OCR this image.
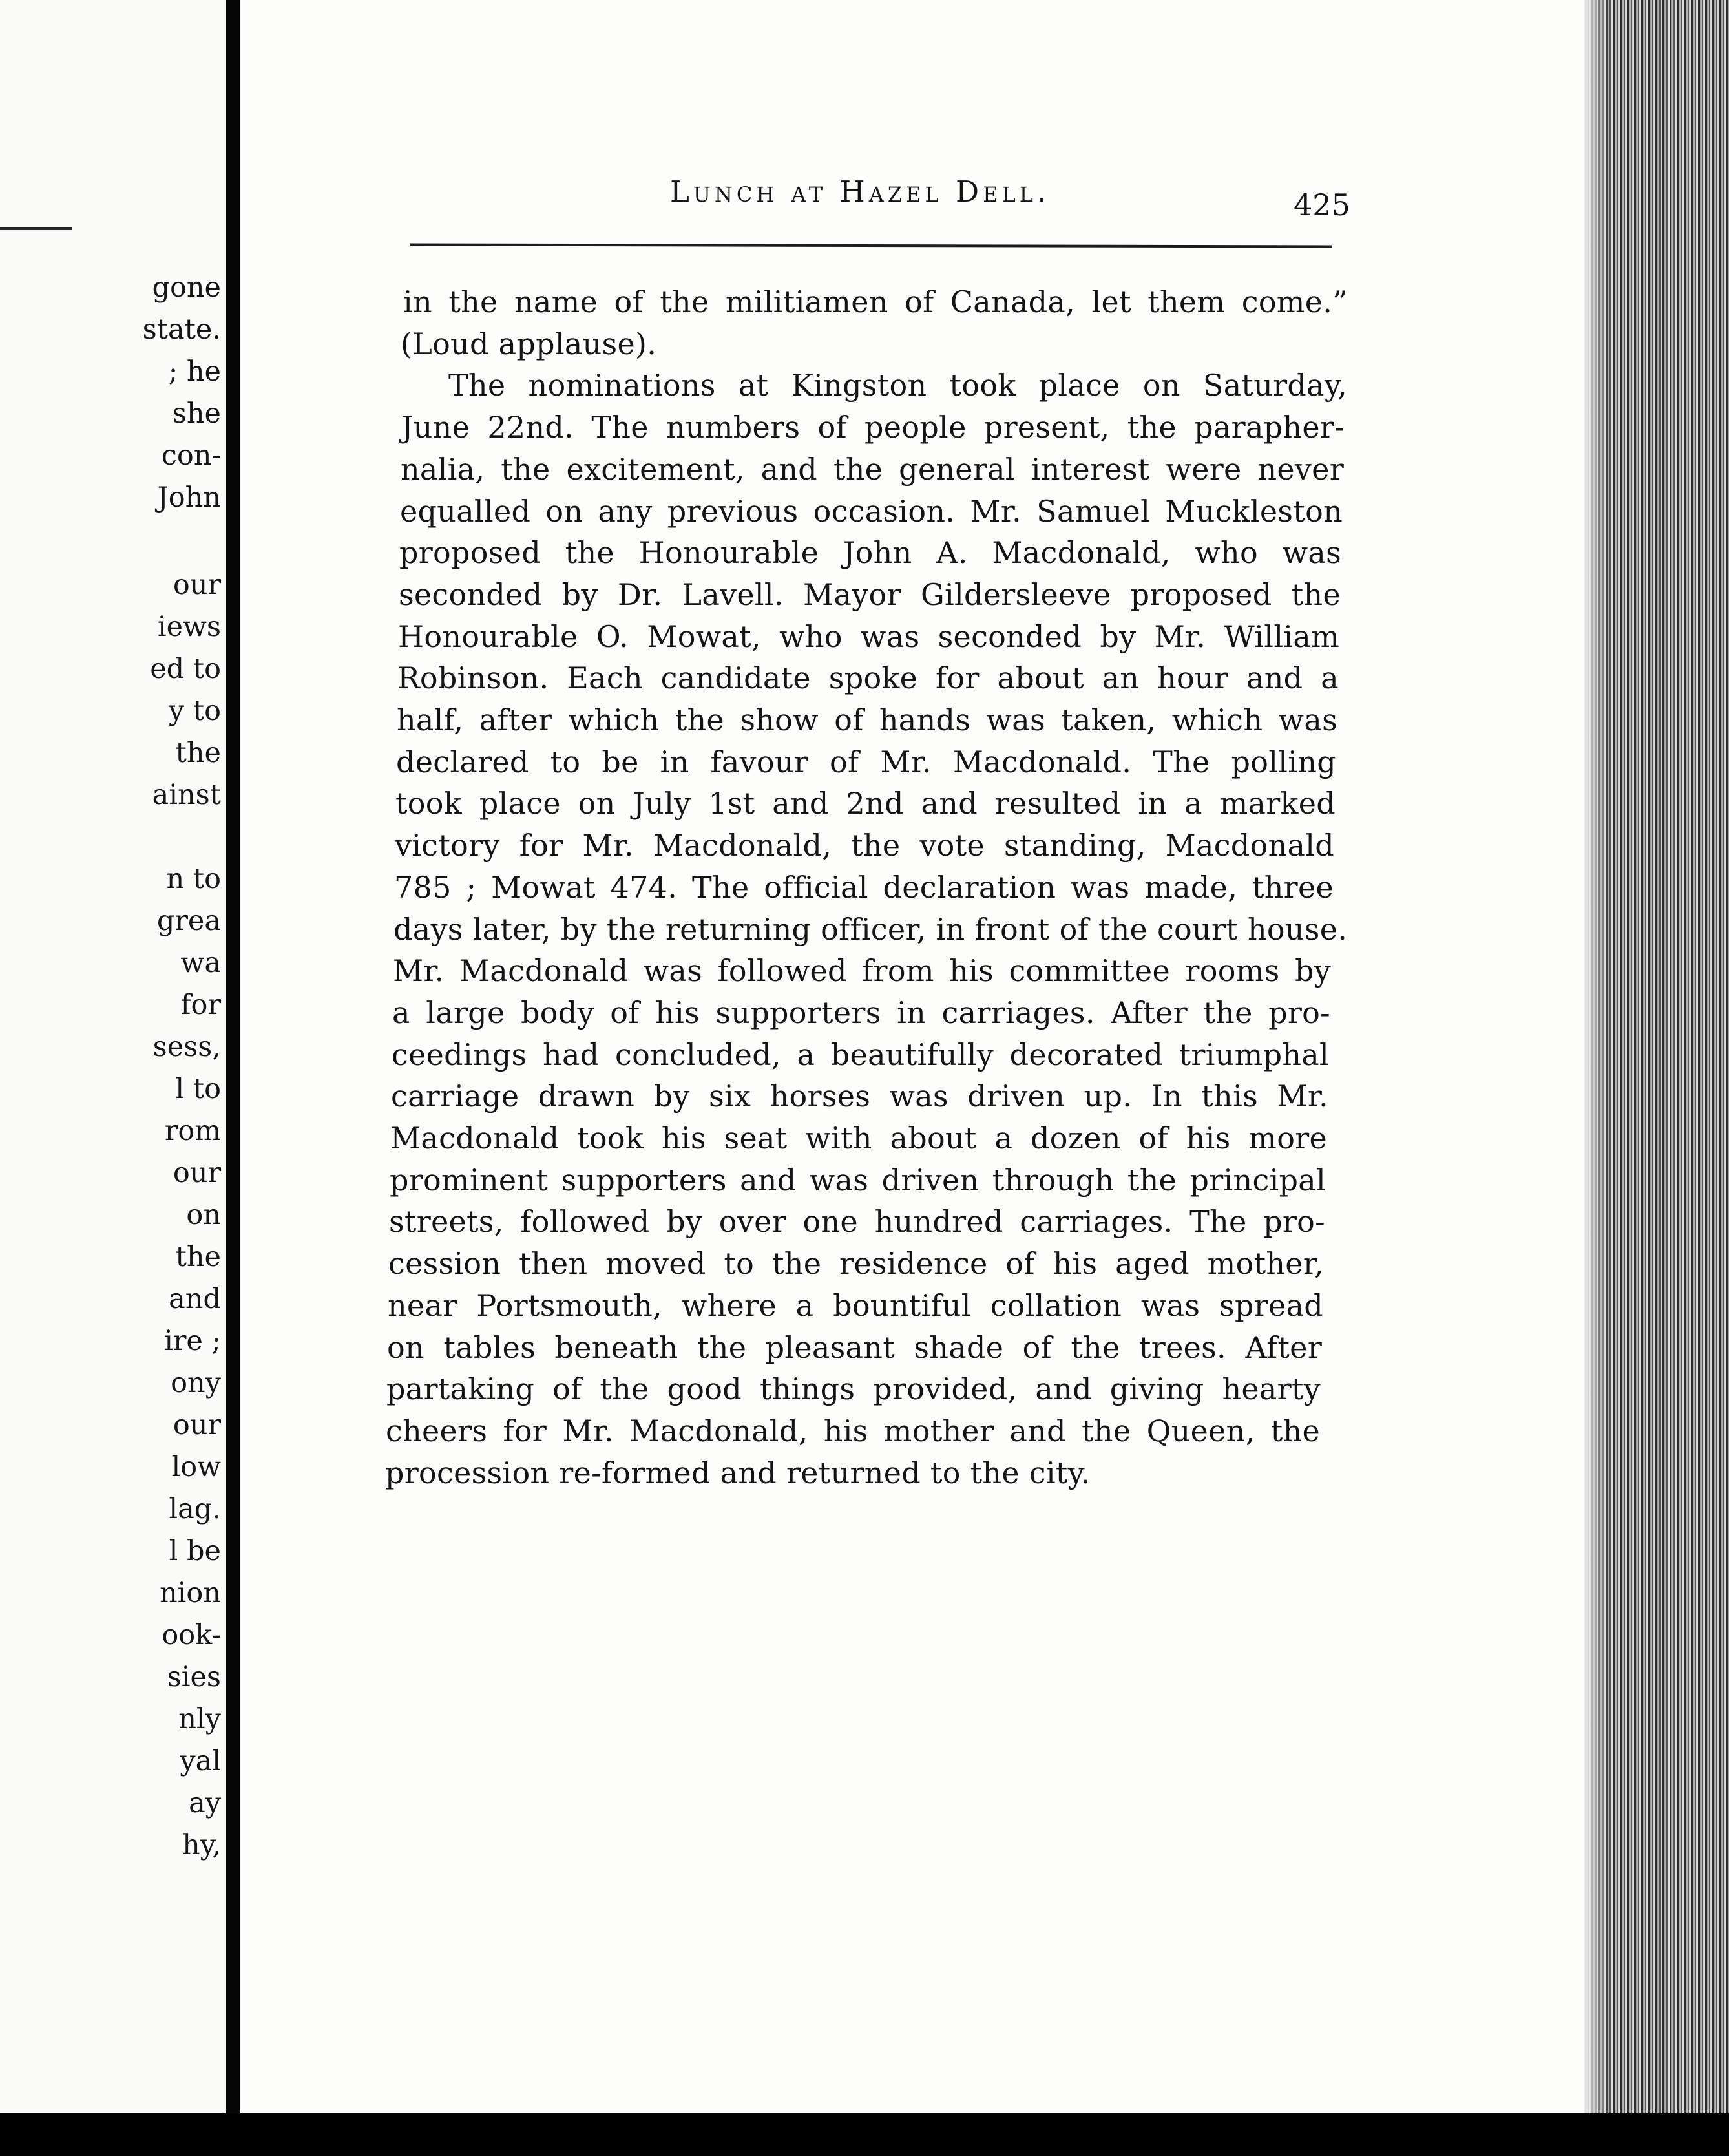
gone
state.
; he
she
con-
John
our
iews
ed to
y to
the
ainst
n to
grea
wa
for
sess,
l to
rom
our
on
the
and
ire ;
ony
our
low
lag.
l be
nion
ook-
sies
nly
yal
ay
hy,
Lunch at Hazel Dell.	425
in the name of the militiamen of Canada, let them come.”
(Loud applause).
The nominations at Kingston took place on Saturday,
June 22nd. The numbers of people present, the parapher-
nalia, the excitement, and the general interest were never
equalled on any previous occasion. Mr. Samuel Muckleston
proposed the Honourable John A. Macdonald, who was
seconded by Dr. Lavell. Mayor Gildersleeve proposed the
Honourable O. Mowat, who was seconded by Mr. William
Robinson. Each candidate spoke for about an hour and a
half, after which the show of hands was taken, which was
declared to be in favour of Mr. Macdonald. The polling
took place on July 1st and 2nd and resulted in a marked
victory for Mr. Macdonald, the vote standing, Macdonald
785 ; Mowat 474. The official declaration was made, three
days later, by the returning officer, in front of the court house.
Mr. Macdonald was followed from his committee rooms by
a large body of his supporters in carriages. After the pro-
ceedings had concluded, a beautifully decorated triumphal
carriage drawn by six horses was driven up. In this Mr.
Macdonald took his seat with about a dozen of his more
prominent supporters and was driven through the principal
streets, followed by over one hundred carriages. The pro-
cession then moved to the residence of his aged mother,
near Portsmouth, where a bountiful collation was spread
on tables beneath the pleasant shade of the trees. After
partaking of the good things provided, and giving hearty
cheers for Mr. Macdonald, his mother and the Queen, the
procession re-formed and returned to the city.
